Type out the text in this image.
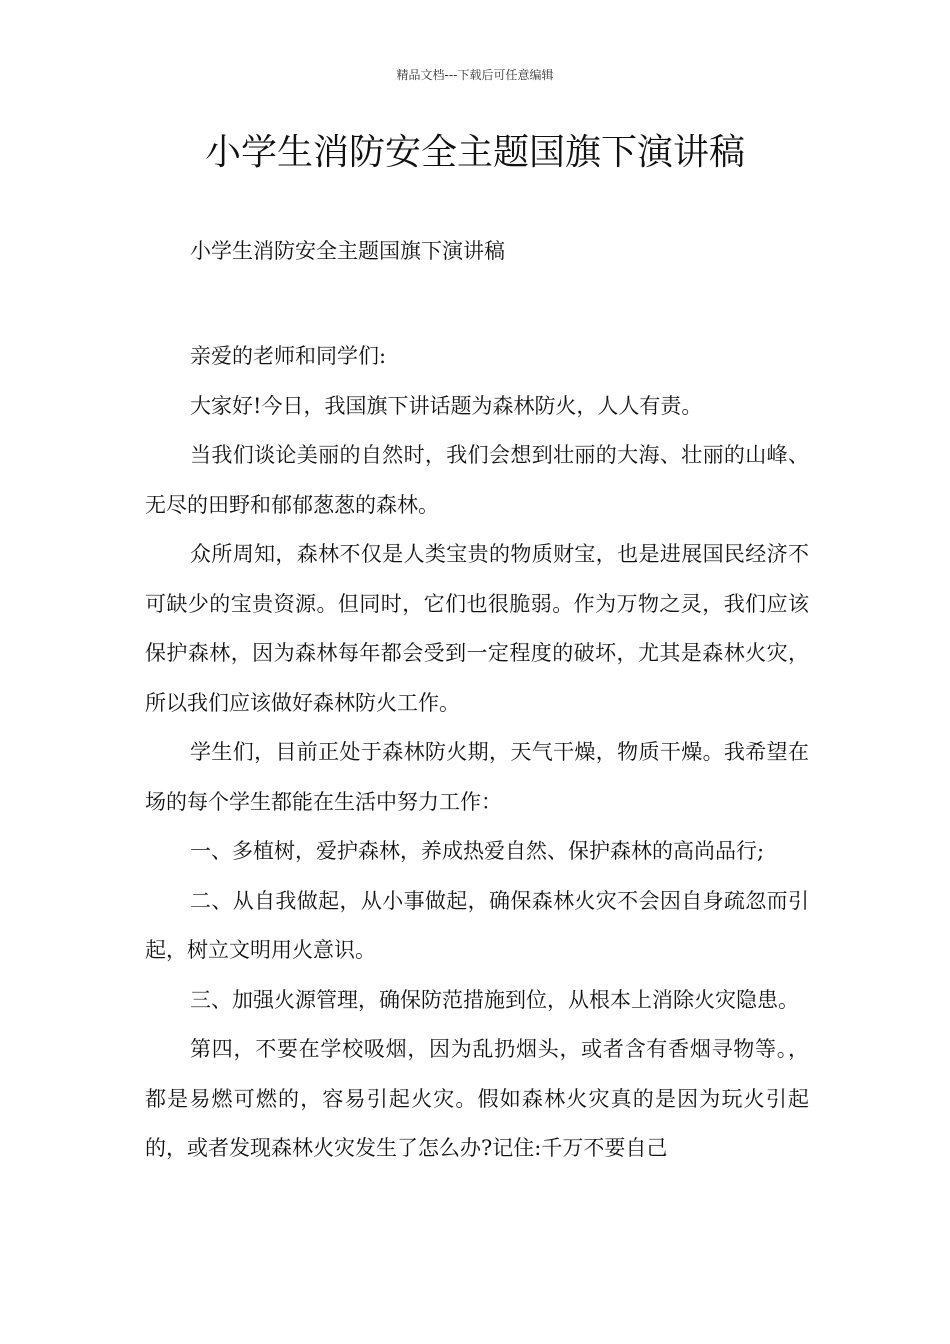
精品文档---下载后可任意编辑
小学生消防安全主题国旗下演讲稿
小学生消防安全主题国旗下演讲稿

亲爱的老师和同学们:

大家好!今日，我国旗下讲话题为森林防火，人人有责。

当我们谈论美丽的自然时，我们会想到壮丽的大海、壮丽的山峰、无尽的田野和郁郁葱葱的森林。

众所周知，森林不仅是人类宝贵的物质财宝，也是进展国民经济不可缺少的宝贵资源。但同时，它们也很脆弱。作为万物之灵，我们应该保护森林，因为森林每年都会受到一定程度的破坏，尤其是森林火灾，所以我们应该做好森林防火工作。

学生们，目前正处于森林防火期，天气干燥，物质干燥。我希望在场的每个学生都能在生活中努力工作：

一、多植树，爱护森林，养成热爱自然、保护森林的高尚品行;

二、从自我做起，从小事做起，确保森林火灾不会因自身疏忽而引起，树立文明用火意识。

三、加强火源管理，确保防范措施到位，从根本上消除火灾隐患。

第四，不要在学校吸烟，因为乱扔烟头，或者含有香烟寻物等。，都是易燃可燃的，容易引起火灾。假如森林火灾真的是因为玩火引起的，或者发现森林火灾发生了怎么办?记住:千万不要自己
